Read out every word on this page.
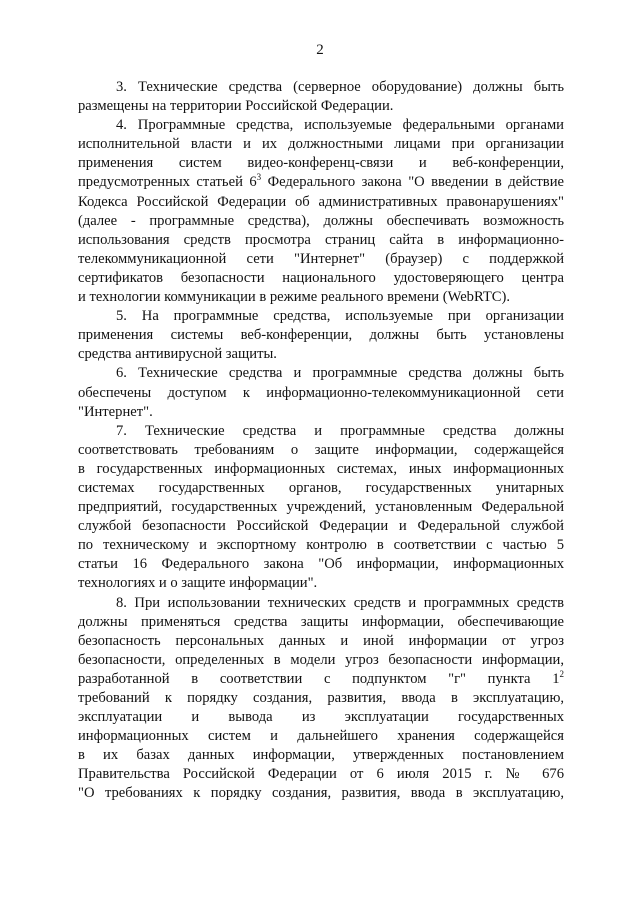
2
3. Технические средства (серверное оборудование) должны быть
размещены на территории Российской Федерации.
4. Программные средства, используемые федеральными органами
исполнительной власти и их должностными лицами при организации
применения систем видео-конференц-связи и веб-конференции,
предусмотренных статьей $6^3$ Федерального закона "О введении в действие
Кодекса Российской Федерации об административных правонарушениях"
(далее - программные средства), должны обеспечивать возможность
использования средств просмотра страниц сайта в информационно-
телекоммуникационной сети "Интернет" (браузер) с поддержкой
сертификатов безопасности национального удостоверяющего центра
и технологии коммуникации в режиме реального времени (WebRTC).
5. На программные средства, используемые при организации
применения системы веб-конференции, должны быть установлены
средства антивирусной защиты.
6. Технические средства и программные средства должны быть
обеспечены доступом к информационно-телекоммуникационной сети
"Интернет".
7. Технические средства и программные средства должны
соответствовать требованиям о защите информации, содержащейся
в государственных информационных системах, иных информационных
системах государственных органов, государственных унитарных
предприятий, государственных учреждений, установленным Федеральной
службой безопасности Российской Федерации и Федеральной службой
по техническому и экспортному контролю в соответствии с частью 5
статьи 16 Федерального закона "Об информации, информационных
технологиях и о защите информации".
8. При использовании технических средств и программных средств
должны применяться средства защиты информации, обеспечивающие
безопасность персональных данных и иной информации от угроз
безопасности, определенных в модели угроз безопасности информации,
разработанной в соответствии с подпунктом "г" пункта $1^2$
требований к порядку создания, развития, ввода в эксплуатацию,
эксплуатации и вывода из эксплуатации государственных
информационных систем и дальнейшего хранения содержащейся
в их базах данных информации, утвержденных постановлением
Правительства Российской Федерации от 6 июля 2015 г. № 676
"О требованиях к порядку создания, развития, ввода в эксплуатацию,
